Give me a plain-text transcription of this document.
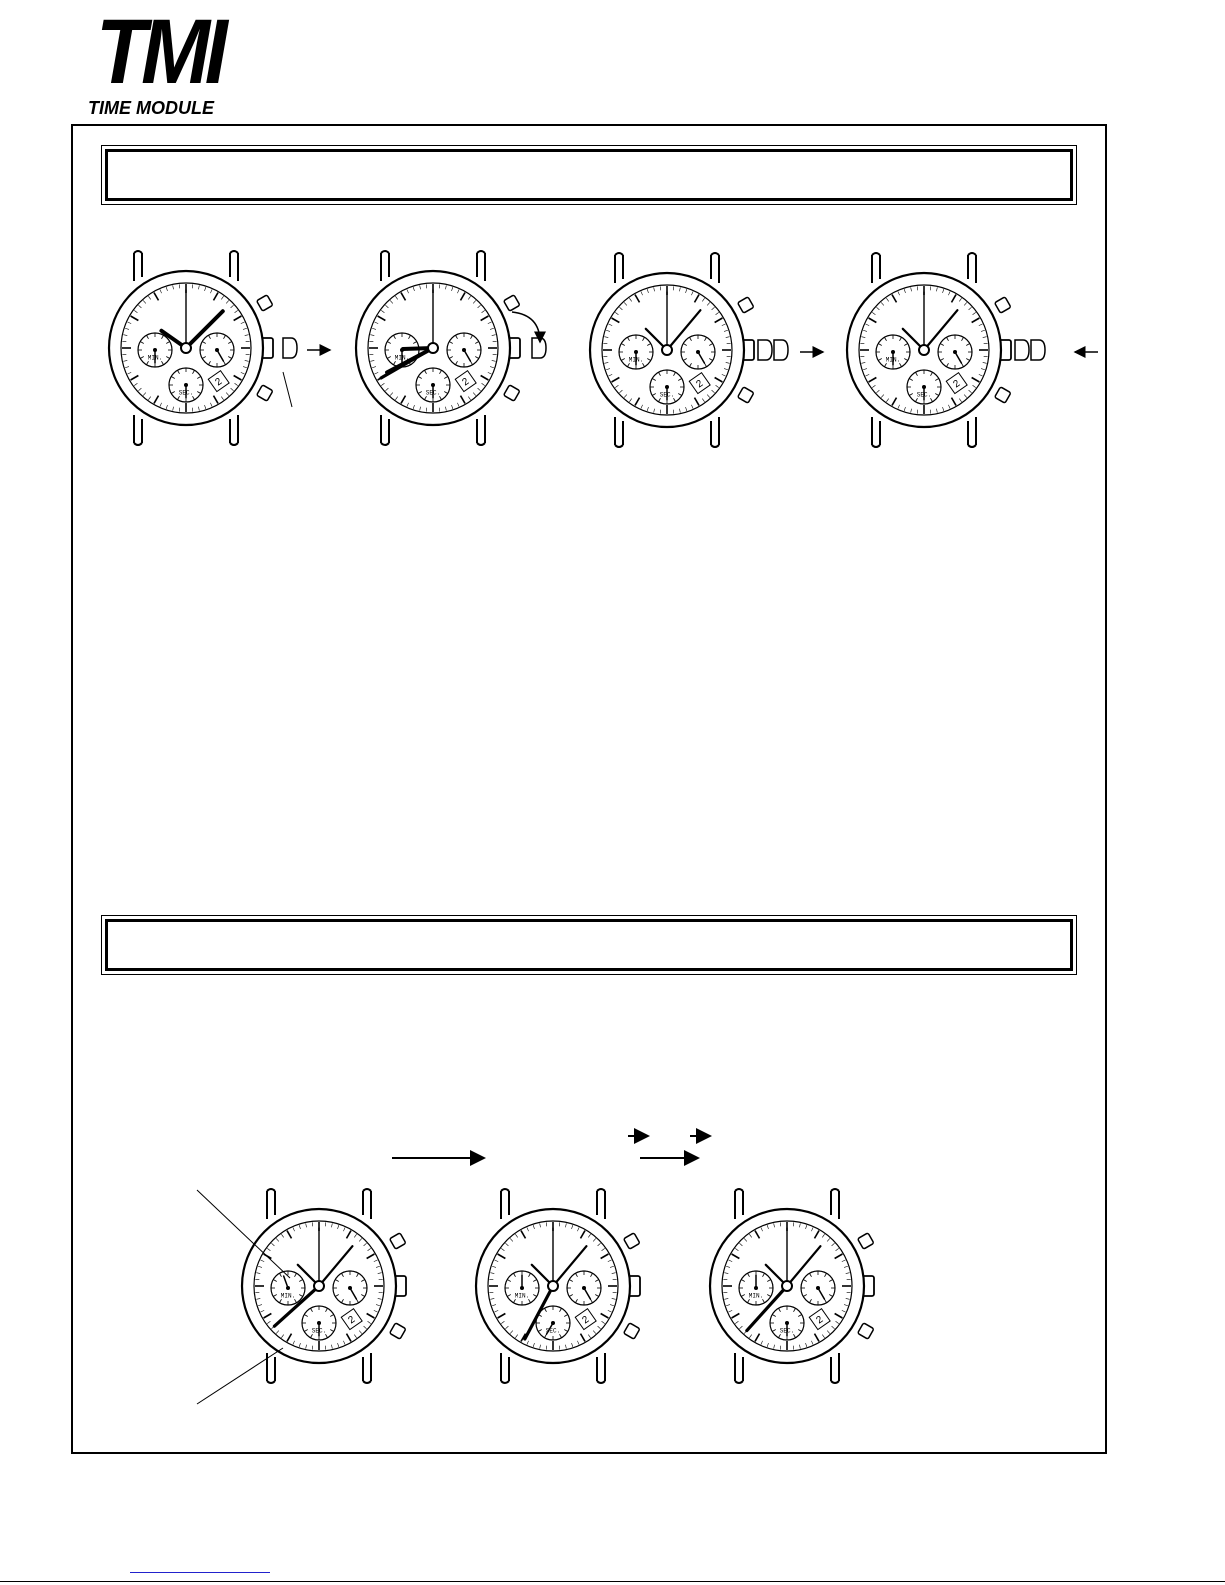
TMI
TIME MODULE
MIN.
SEC.
2
MIN.
SEC.
2
MIN.
SEC.
2
MIN.
SEC.
2
MIN.
SEC.
2
MIN.
SEC.
2
MIN.
SEC.
2
